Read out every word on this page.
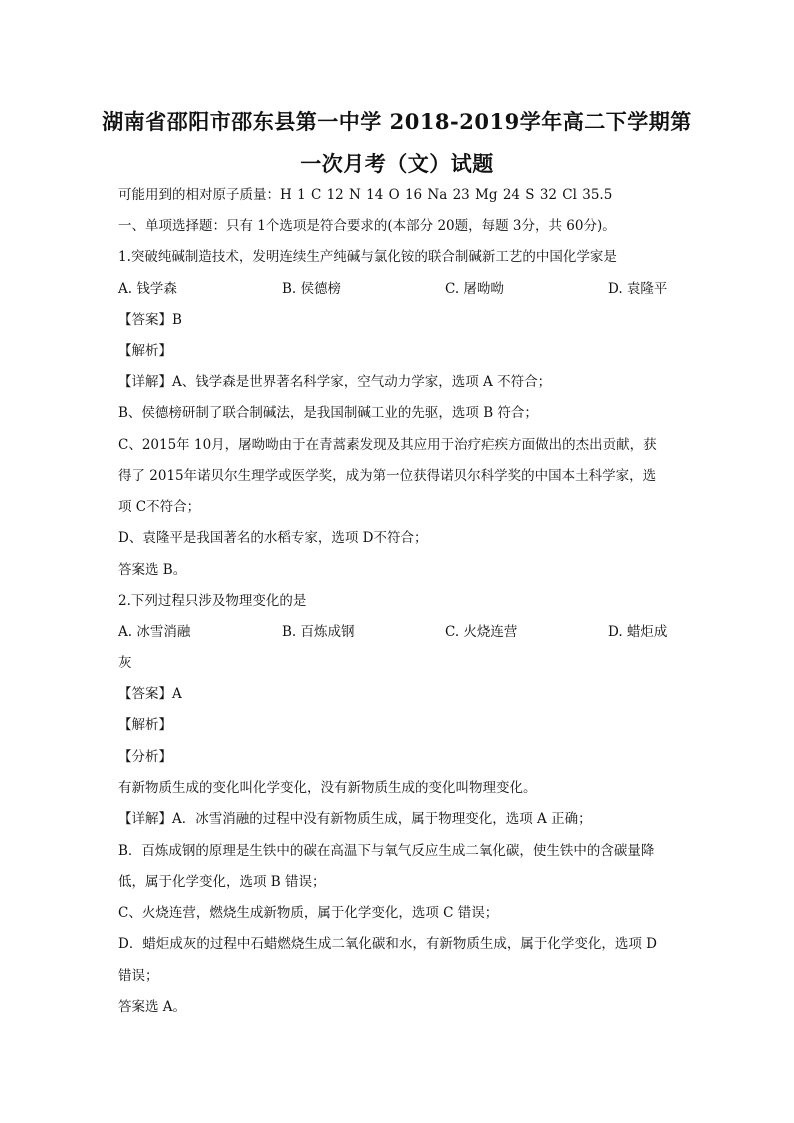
湖南省邵阳市邵东县第一中学 2018-2019学年高二下学期第
一次月考（文）试题
可能用到的相对原子质量：H 1 C 12 N 14 O 16 Na 23 Mg 24 S 32 Cl 35.5
一、单项选择题：只有 1个选项是符合要求的(本部分 20题，每题 3分，共 60分)。
1.突破纯碱制造技术，发明连续生产纯碱与氯化铵的联合制碱新工艺的中国化学家是
A. 钱学森	B. 侯德榜	C. 屠呦呦	D. 袁隆平
【答案】B
【解析】
【详解】A、钱学森是世界著名科学家，空气动力学家，选项 A 不符合；
B、侯德榜研制了联合制碱法，是我国制碱工业的先驱，选项 B 符合；
C、2015年 10月，屠呦呦由于在青蒿素发现及其应用于治疗疟疾方面做出的杰出贡献，获
得了 2015年诺贝尔生理学或医学奖，成为第一位获得诺贝尔科学奖的中国本土科学家，选
项 C不符合；
D、袁隆平是我国著名的水稻专家，选项 D不符合；
答案选 B。
2.下列过程只涉及物理变化的是
A. 冰雪消融	B. 百炼成钢	C. 火烧连营	D. 蜡炬成
灰
【答案】A
【解析】
【分析】
有新物质生成的变化叫化学变化，没有新物质生成的变化叫物理变化。
【详解】A．冰雪消融的过程中没有新物质生成，属于物理变化，选项 A 正确；
B．百炼成钢的原理是生铁中的碳在高温下与氧气反应生成二氧化碳，使生铁中的含碳量降
低，属于化学变化，选项 B 错误；
C、火烧连营，燃烧生成新物质，属于化学变化，选项 C 错误；
D．蜡炬成灰的过程中石蜡燃烧生成二氧化碳和水，有新物质生成，属于化学变化，选项 D
错误；
答案选 A。
